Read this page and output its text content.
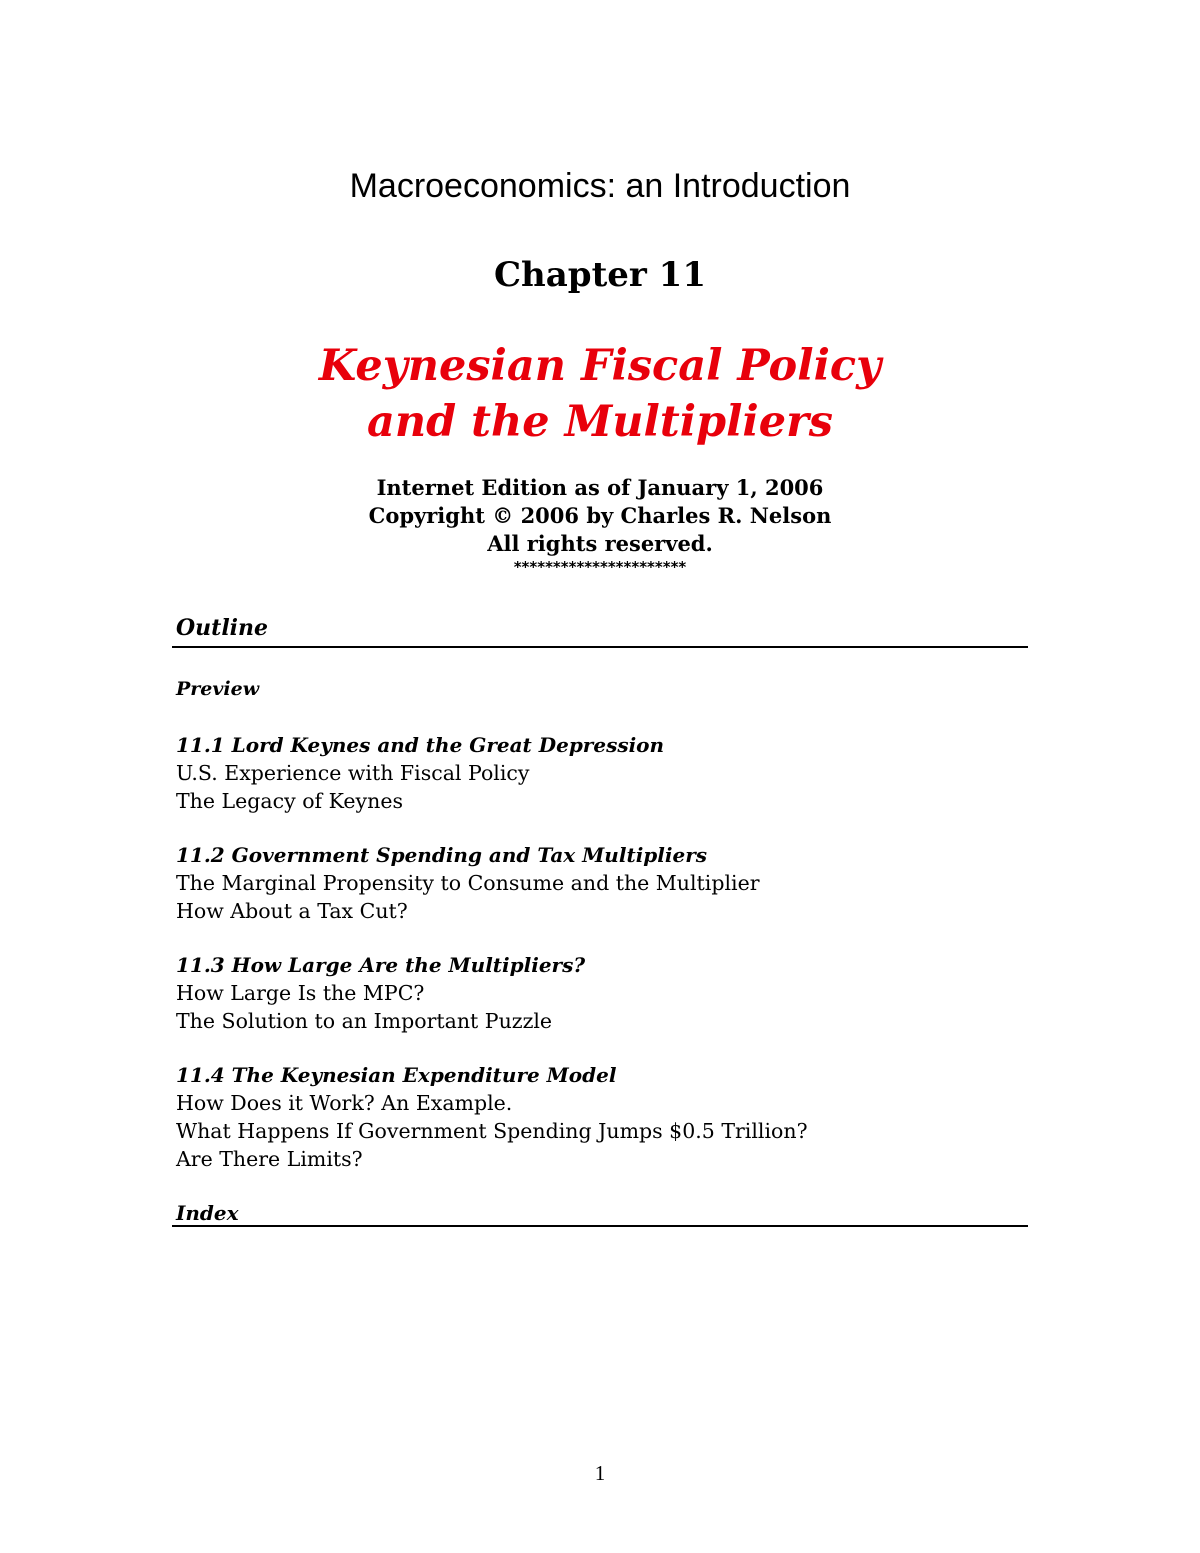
Macroeconomics: an Introduction
Chapter 11
Keynesian Fiscal Policy
and the Multipliers
Internet Edition as of January 1, 2006
Copyright © 2006 by Charles R. Nelson
All rights reserved.
**********************
Outline
Preview
11.1 Lord Keynes and the Great Depression
U.S. Experience with Fiscal Policy
The Legacy of Keynes
11.2 Government Spending and Tax Multipliers
The Marginal Propensity to Consume and the Multiplier
How About a Tax Cut?
11.3 How Large Are the Multipliers?
How Large Is the MPC?
The Solution to an Important Puzzle
11.4 The Keynesian Expenditure Model
How Does it Work? An Example.
What Happens If Government Spending Jumps $0.5 Trillion?
Are There Limits?
Index
1
